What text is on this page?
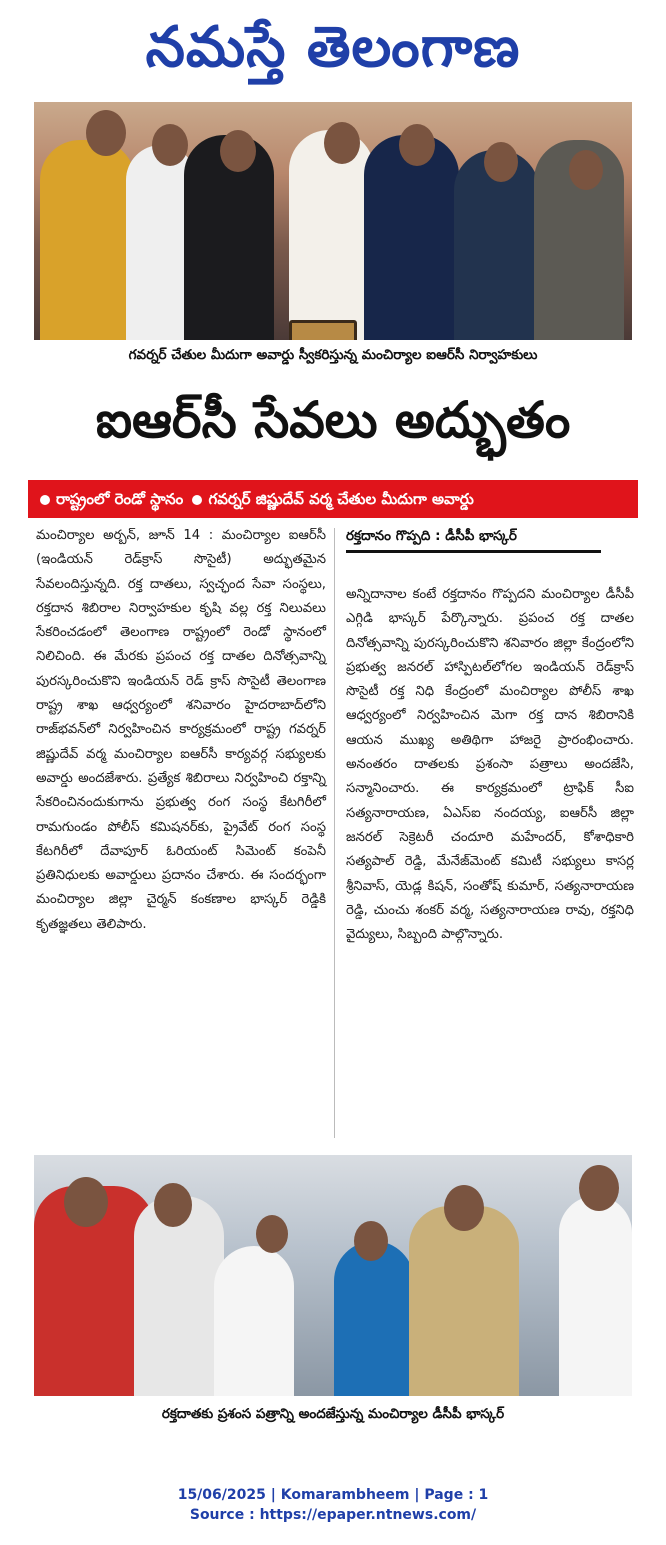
నమస్తే తెలంగాణ
గవర్నర్ చేతుల మీదుగా అవార్డు స్వీకరిస్తున్న మంచిర్యాల ఐఆర్‌సీ నిర్వాహకులు
ఐఆర్‌సీ సేవలు అద్భుతం
రాష్ట్రంలో రెండో స్థానం గవర్నర్ జిష్ణుదేవ్ వర్మ చేతుల మీదుగా అవార్డు
మంచిర్యాల అర్బన్, జూన్ 14 : మంచిర్యాల ఐఆర్‌సీ (ఇండియన్ రెడ్‌క్రాస్ సొసైటీ) అద్భుతమైన సేవలందిస్తున్నది. రక్త దాతలు, స్వచ్ఛంద సేవా సంస్థలు, రక్తదాన శిబిరాల నిర్వాహకుల కృషి వల్ల రక్త నిలువలు సేకరించడంలో తెలంగాణ రాష్ట్రంలో రెండో స్థానంలో నిలిచింది. ఈ మేరకు ప్రపంచ రక్త దాతల దినోత్సవాన్ని పురస్కరించుకొని ఇండియన్ రెడ్ క్రాస్ సొసైటీ తెలంగాణ రాష్ట్ర శాఖ ఆధ్వర్యంలో శనివారం హైదరాబాద్‌లోని రాజ్‌భవన్‌లో నిర్వహించిన కార్యక్రమంలో రాష్ట్ర గవర్నర్ జిష్ణుదేవ్ వర్మ మంచిర్యాల ఐఆర్‌సీ కార్యవర్గ సభ్యులకు అవార్డు అందజేశారు. ప్రత్యేక శిబిరాలు నిర్వహించి రక్తాన్ని సేకరించినందుకుగాను ప్రభుత్వ రంగ సంస్థ కేటగిరీలో రామగుండం పోలీస్ కమిషనర్‌కు, ప్రైవేట్ రంగ సంస్థ కేటగిరీలో దేవాపూర్ ఓరియంట్ సిమెంట్ కంపెనీ ప్రతినిధులకు అవార్డులు ప్రదానం చేశారు. ఈ సందర్భంగా మంచిర్యాల జిల్లా చైర్మన్ కంకణాల భాస్కర్ రెడ్డికి కృతజ్ఞతలు తెలిపారు.
రక్తదానం గొప్పది : డీసీపీ భాస్కర్
అన్నిదానాల కంటే రక్తదానం గొప్పదని మంచిర్యాల డీసీపీ ఎగ్గిడి భాస్కర్ పేర్కొన్నారు. ప్రపంచ రక్త దాతల దినోత్సవాన్ని పురస్కరించుకొని శనివారం జిల్లా కేంద్రంలోని ప్రభుత్వ జనరల్ హాస్పిటల్‌లోగల ఇండియన్ రెడ్‌క్రాస్ సొసైటీ రక్త నిధి కేంద్రంలో మంచిర్యాల పోలీస్ శాఖ ఆధ్వర్యంలో నిర్వహించిన మెగా రక్త దాన శిబిరానికి ఆయన ముఖ్య అతిథిగా హాజరై ప్రారంభించారు. అనంతరం దాతలకు ప్రశంసా పత్రాలు అందజేసి, సన్మానించారు. ఈ కార్యక్రమంలో ట్రాఫిక్ సీఐ సత్యనారాయణ, ఏఎస్ఐ నందయ్య, ఐఆర్‌సీ జిల్లా జనరల్ సెక్రెటరీ చందూరి మహేందర్, కోశాధికారి సత్యపాల్ రెడ్డి, మేనేజ్‌మెంట్ కమిటీ సభ్యులు కాసర్ల శ్రీనివాస్, యెడ్ల కిషన్, సంతోష్ కుమార్, సత్యనారాయణ రెడ్డి, చుంచు శంకర్ వర్మ, సత్యనారాయణ రావు, రక్తనిధి వైద్యులు, సిబ్బంది పాల్గొన్నారు.
రక్తదాతకు ప్రశంస పత్రాన్ని అందజేస్తున్న మంచిర్యాల డీసీపీ భాస్కర్
15/06/2025 | Komarambheem | Page : 1
Source : https://epaper.ntnews.com/
